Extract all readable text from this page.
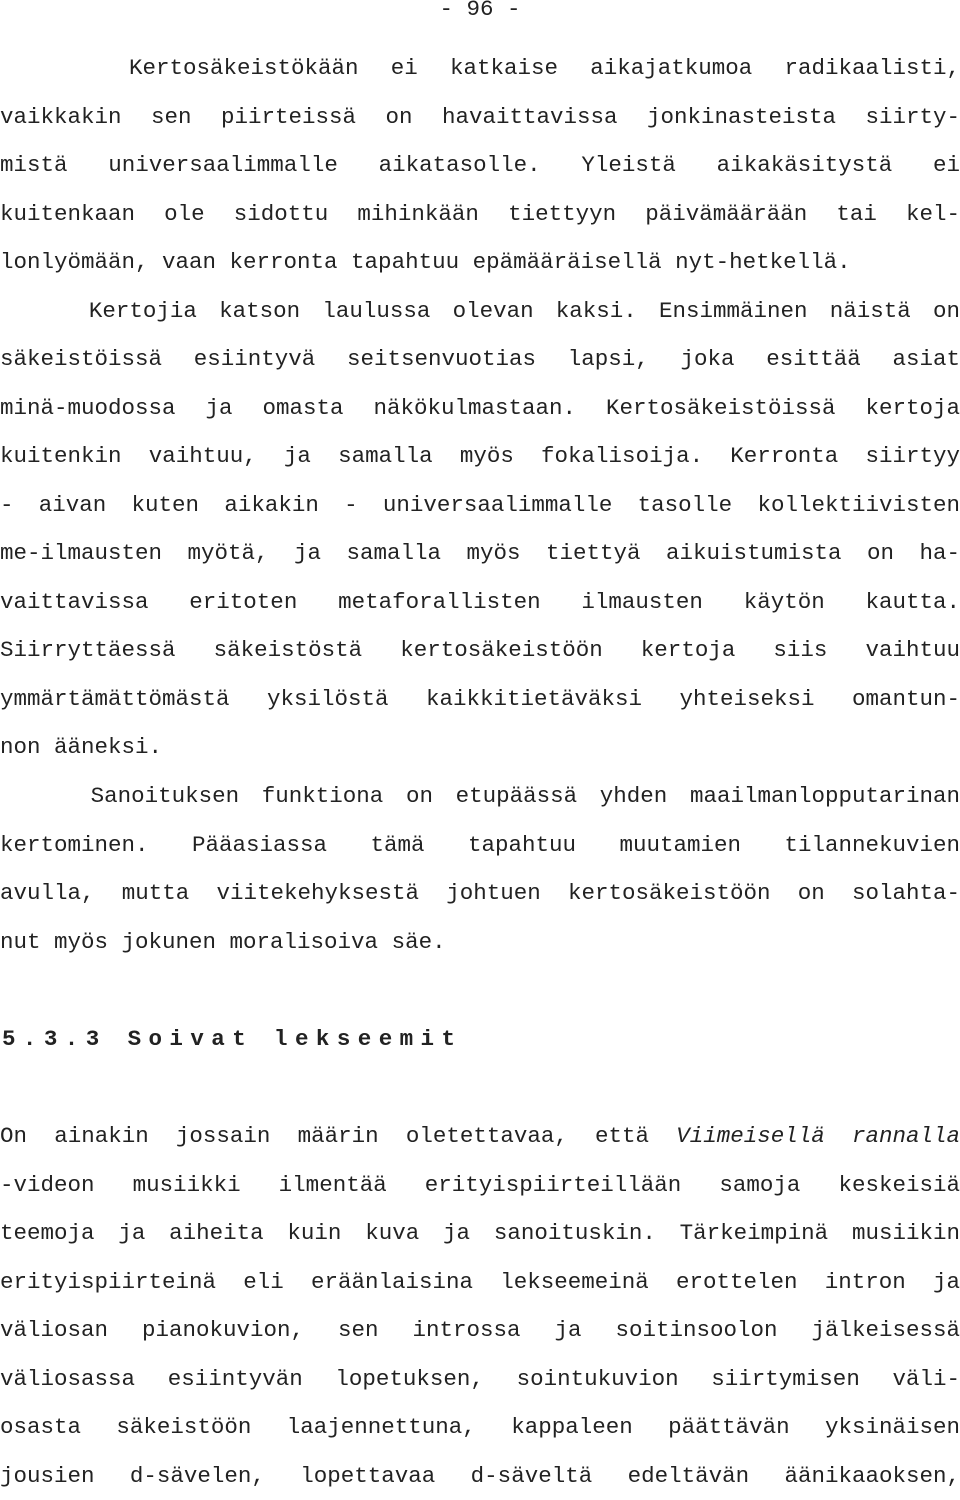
- 96 -
Kertosäkeistökään ei katkaise aikajatkumoa radikaalisti,
vaikkakin sen piirteissä on havaittavissa jonkinasteista siirty-
mistä universaalimmalle aikatasolle. Yleistä aikakäsitystä ei
kuitenkaan ole sidottu mihinkään tiettyyn päivämäärään tai kel-
lonlyömään, vaan kerronta tapahtuu epämääräisellä nyt-hetkellä.
Kertojia katson laulussa olevan kaksi. Ensimmäinen näistä on
säkeistöissä esiintyvä seitsenvuotias lapsi, joka esittää asiat
minä-muodossa ja omasta näkökulmastaan. Kertosäkeistöissä kertoja
kuitenkin vaihtuu, ja samalla myös fokalisoija. Kerronta siirtyy
- aivan kuten aikakin - universaalimmalle tasolle kollektiivisten
me-ilmausten myötä, ja samalla myös tiettyä aikuistumista on ha-
vaittavissa eritoten metaforallisten ilmausten käytön kautta.
Siirryttäessä säkeistöstä kertosäkeistöön kertoja siis vaihtuu
ymmärtämättömästä yksilöstä kaikkitietäväksi yhteiseksi omantun-
non ääneksi.
Sanoituksen funktiona on etupäässä yhden maailmanlopputarinan
kertominen. Pääasiassa tämä tapahtuu muutamien tilannekuvien
avulla, mutta viitekehyksestä johtuen kertosäkeistöön on solahta-
nut myös jokunen moralisoiva säe.
5.3.3 Soivat lekseemit
On ainakin jossain määrin oletettavaa, että Viimeisellä rannalla
-videon musiikki ilmentää erityispiirteillään samoja keskeisiä
teemoja ja aiheita kuin kuva ja sanoituskin. Tärkeimpinä musiikin
erityispiirteinä eli eräänlaisina lekseemeinä erottelen intron ja
väliosan pianokuvion, sen introssa ja soitinsoolon jälkeisessä
väliosassa esiintyvän lopetuksen, sointukuvion siirtymisen väli-
osasta säkeistöön laajennettuna, kappaleen päättävän yksinäisen
jousien d-sävelen, lopettavaa d-säveltä edeltävän äänikaaoksen,
